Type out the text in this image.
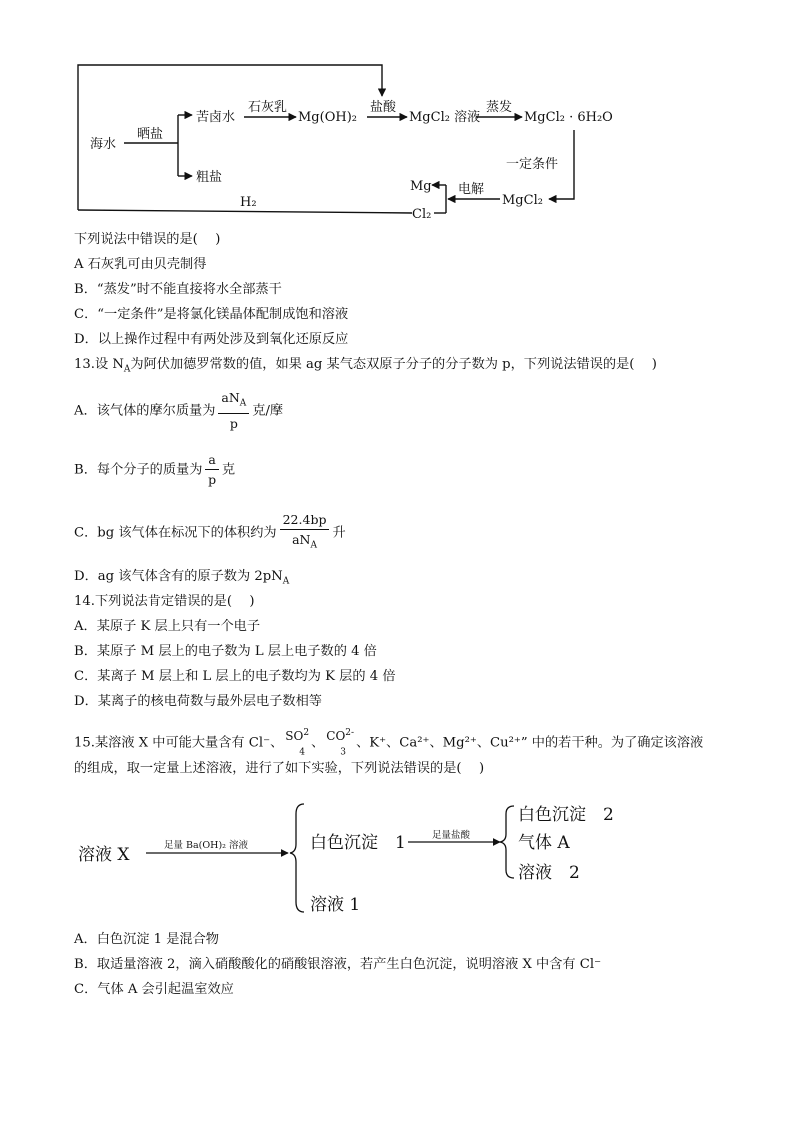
海水
晒盐
苦卤水
石灰乳
Mg(OH)₂
盐酸
MgCl₂ 溶液
蒸发
MgCl₂ · 6H₂O
粗盐
一定条件
Mg 电解
MgCl₂
H₂
Cl₂
下列说法中错误的是(　 )
A 石灰乳可由贝壳制得
B．“蒸发”时不能直接将水全部蒸干
C．“一定条件”是将氯化镁晶体配制成饱和溶液
D．以上操作过程中有两处涉及到氧化还原反应
13.设 $N_A$为阿伏加德罗常数的值，如果 ag 某气态双原子分子的分子数为 p，下列说法错误的是(　 )
A．该气体的摩尔质量为 $\frac{aN_A}{p}$ 克/摩
B．每个分子的质量为 $\frac{a}{p}$ 克
C．bg 该气体在标况下的体积约为 $\frac{22.4bp}{aN_A}$ 升
D．ag 该气体含有的原子数为 $2pN_A$
14.下列说法肯定错误的是(　 )
A．某原子 K 层上只有一个电子
B．某原子 M 层上的电子数为 L 层上电子数的 4 倍
C．某离子 M 层上和 L 层上的电子数均为 K 层的 4 倍
D．某离子的核电荷数与最外层电子数相等
15.某溶液 X 中可能大量含有 Cl⁻、 $SO^2$
$_4$
、 $CO^{2-}$
$_3$
、K⁺、Ca²⁺、Mg²⁺、Cu²⁺” 中的若干种。为了确定该溶液
的组成，取一定量上述溶液，进行了如下实验，下列说法错误的是(　 )
溶液 X	足量 Ba(OH)₂ 溶液	白色沉淀　1	足量盐酸
白色沉淀　2
气体 A
溶液　2
溶液 1
A．白色沉淀 1 是混合物
B．取适量溶液 2，滴入硝酸酸化的硝酸银溶液，若产生白色沉淀，说明溶液 X 中含有 Cl⁻
C．气体 A 会引起温室效应
